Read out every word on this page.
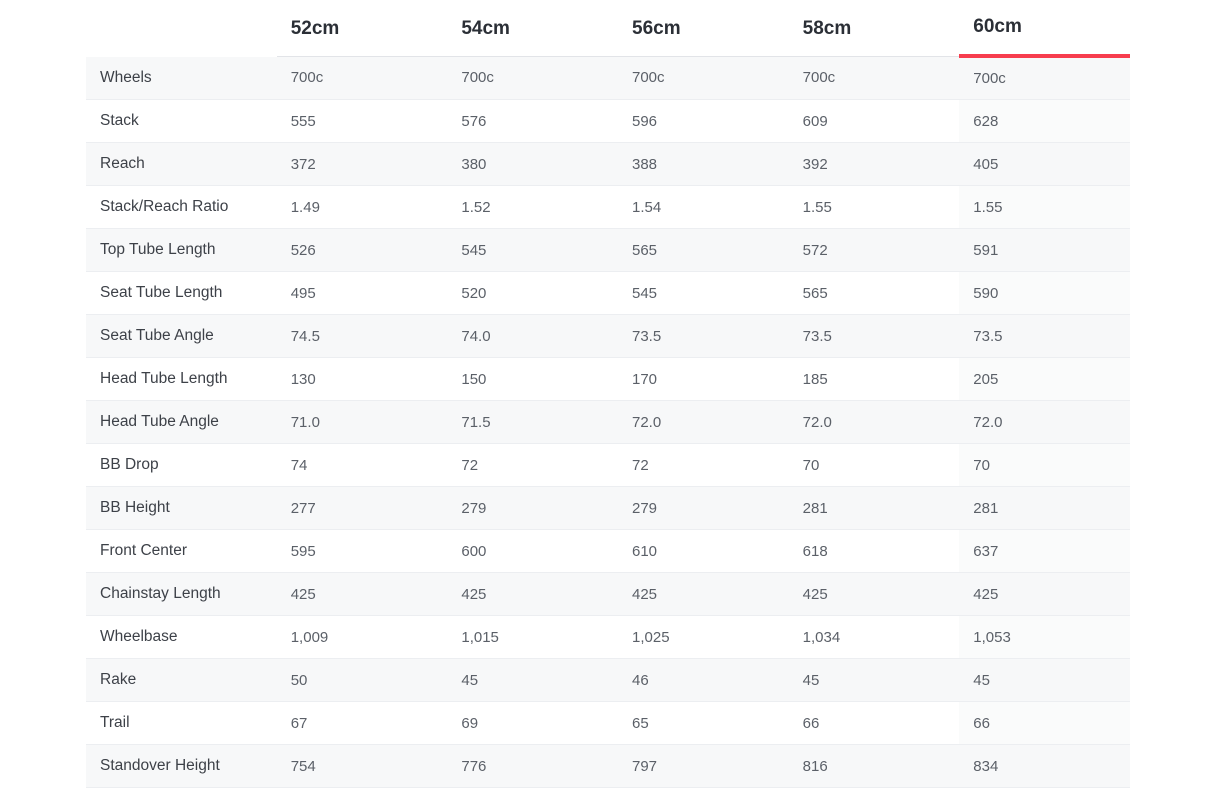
	52cm	54cm	56cm	58cm	60cm
Wheels	700c	700c	700c	700c	700c
Stack	555	576	596	609	628
Reach	372	380	388	392	405
Stack/Reach Ratio	1.49	1.52	1.54	1.55	1.55
Top Tube Length	526	545	565	572	591
Seat Tube Length	495	520	545	565	590
Seat Tube Angle	74.5	74.0	73.5	73.5	73.5
Head Tube Length	130	150	170	185	205
Head Tube Angle	71.0	71.5	72.0	72.0	72.0
BB Drop	74	72	72	70	70
BB Height	277	279	279	281	281
Front Center	595	600	610	618	637
Chainstay Length	425	425	425	425	425
Wheelbase	1,009	1,015	1,025	1,034	1,053
Rake	50	45	46	45	45
Trail	67	69	65	66	66
Standover Height	754	776	797	816	834
